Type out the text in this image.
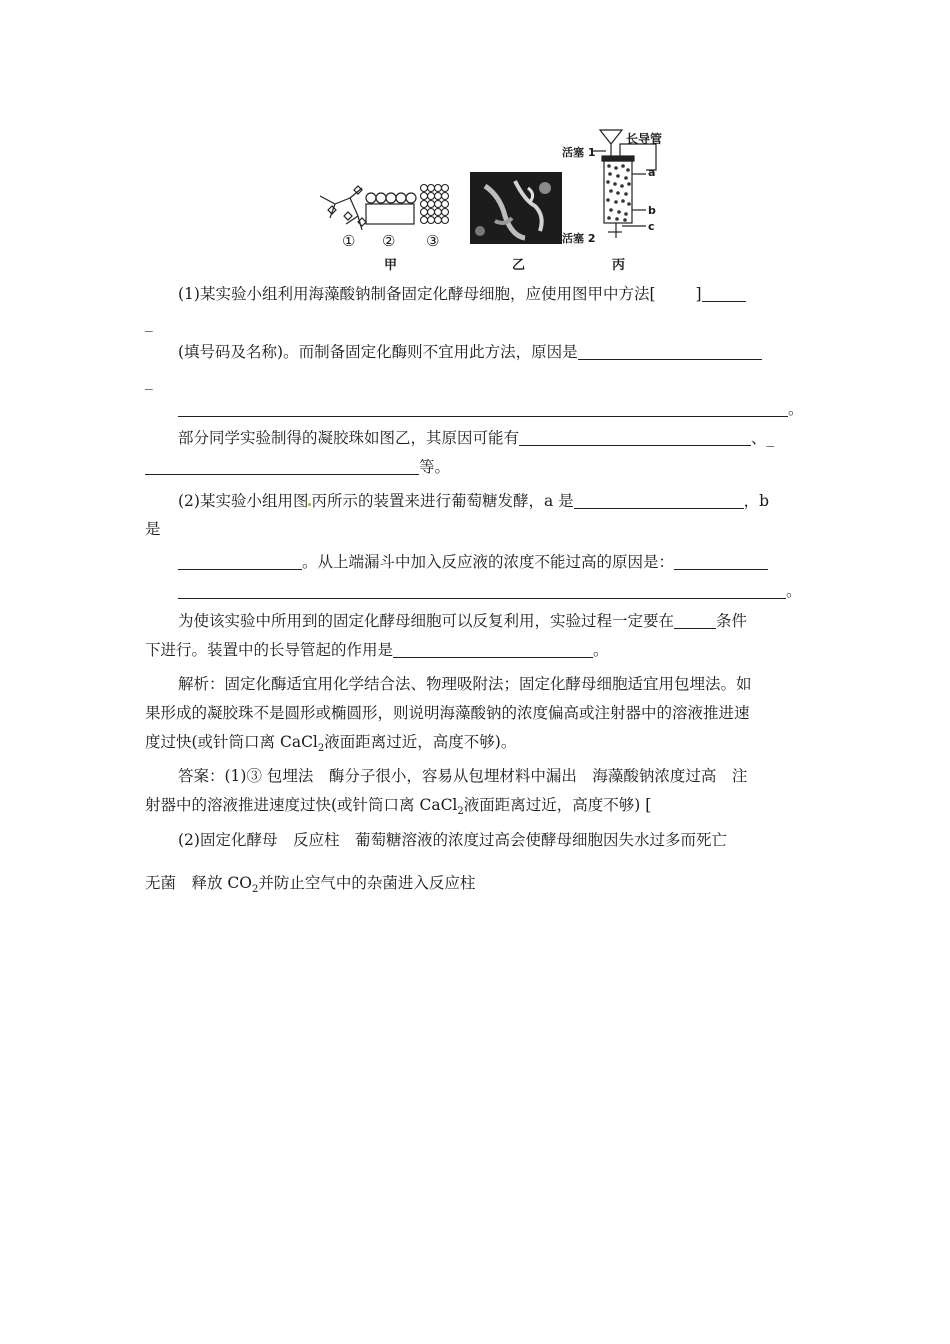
① ② ③
甲	乙	丙
活塞 1
长导管
a
b
c
活塞 2
(1)某实验小组利用海藻酸钠制备固定化酵母细胞，应使用图甲中方法[	]
_
(填号码及名称)。而制备固定化酶则不宜用此方法，原因是
_
。
部分同学实验制得的凝胶珠如图乙，其原因可能有	、_
等。
(2)某实验小组用图 丙所示的装置来进行葡萄糖发酵，a 是	，b
是
。从上端漏斗中加入反应液的浓度不能过高的原因是：
。
为使该实验中所用到的固定化酵母细胞可以反复利用，实验过程一定要在	条件
下进行。装置中的长导管起的作用是	。
解析：固定化酶适宜用化学结合法、物理吸附法；固定化酵母细胞适宜用包埋法。如
果形成的凝胶珠不是圆形或椭圆形，则说明海藻酸钠的浓度偏高或注射器中的溶液推进速
度过快(或针筒口离 CaCl$_2$液面距离过近，高度不够)。
答案：(1)③ 包埋法　酶分子很小，容易从包埋材料中漏出　海藻酸钠浓度过高　注
射器中的溶液推进速度过快(或针筒口离 CaCl$_2$液面距离过近，高度不够) [
(2)固定化酵母　反应柱　葡萄糖溶液的浓度过高会使酵母细胞因失水过多而死亡
无菌　释放 $CO_2$并防止空气中的杂菌进入反应柱
